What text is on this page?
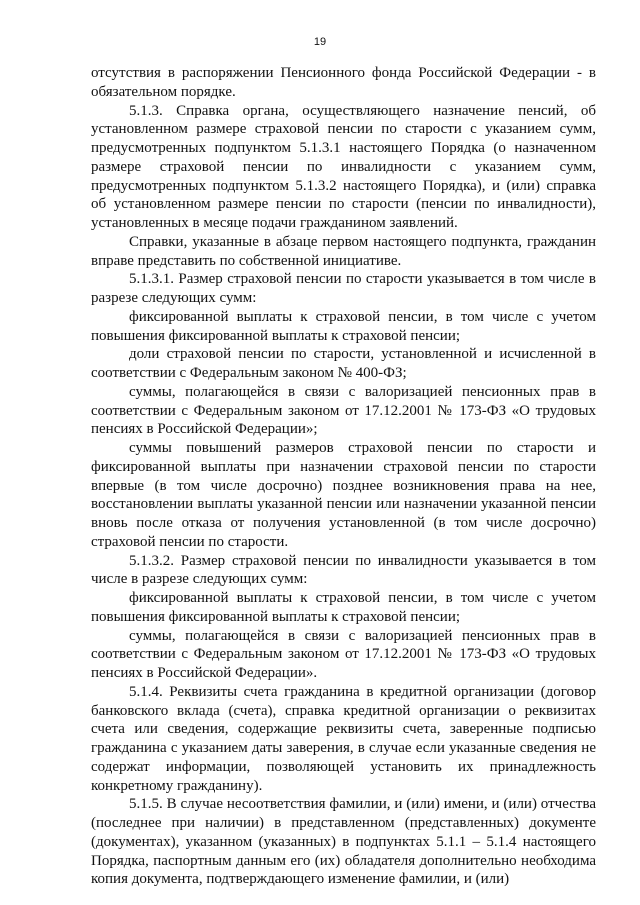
19

отсутствия в распоряжении Пенсионного фонда Российской Федерации - в обязательном порядке.

5.1.3. Справка органа, осуществляющего назначение пенсий, об установленном размере страховой пенсии по старости с указанием сумм, предусмотренных подпунктом 5.1.3.1 настоящего Порядка (о назначенном размере страховой пенсии по инвалидности с указанием сумм, предусмотренных подпунктом 5.1.3.2 настоящего Порядка), и (или) справка об установленном размере пенсии по старости (пенсии по инвалидности), установленных в месяце подачи гражданином заявлений.

Справки, указанные в абзаце первом настоящего подпункта, гражданин вправе представить по собственной инициативе.

5.1.3.1. Размер страховой пенсии по старости указывается в том числе в разрезе следующих сумм:

фиксированной выплаты к страховой пенсии, в том числе с учетом повышения фиксированной выплаты к страховой пенсии;

доли страховой пенсии по старости, установленной и исчисленной в соответствии с Федеральным законом № 400-ФЗ;

суммы, полагающейся в связи с валоризацией пенсионных прав в соответствии с Федеральным законом от 17.12.2001 № 173-ФЗ «О трудовых пенсиях в Российской Федерации»;

суммы повышений размеров страховой пенсии по старости и фиксированной выплаты при назначении страховой пенсии по старости впервые (в том числе досрочно) позднее возникновения права на нее, восстановлении выплаты указанной пенсии или назначении указанной пенсии вновь после отказа от получения установленной (в том числе досрочно) страховой пенсии по старости.

5.1.3.2. Размер страховой пенсии по инвалидности указывается в том числе в разрезе следующих сумм:

фиксированной выплаты к страховой пенсии, в том числе с учетом повышения фиксированной выплаты к страховой пенсии;

суммы, полагающейся в связи с валоризацией пенсионных прав в соответствии с Федеральным законом от 17.12.2001 № 173-ФЗ «О трудовых пенсиях в Российской Федерации».

5.1.4. Реквизиты счета гражданина в кредитной организации (договор банковского вклада (счета), справка кредитной организации о реквизитах счета или сведения, содержащие реквизиты счета, заверенные подписью гражданина с указанием даты заверения, в случае если указанные сведения не содержат информации, позволяющей установить их принадлежность конкретному гражданину).

5.1.5. В случае несоответствия фамилии, и (или) имени, и (или) отчества (последнее при наличии) в представленном (представленных) документе (документах), указанном (указанных) в подпунктах 5.1.1 – 5.1.4 настоящего Порядка, паспортным данным его (их) обладателя дополнительно необходима копия документа, подтверждающего изменение фамилии, и (или)
